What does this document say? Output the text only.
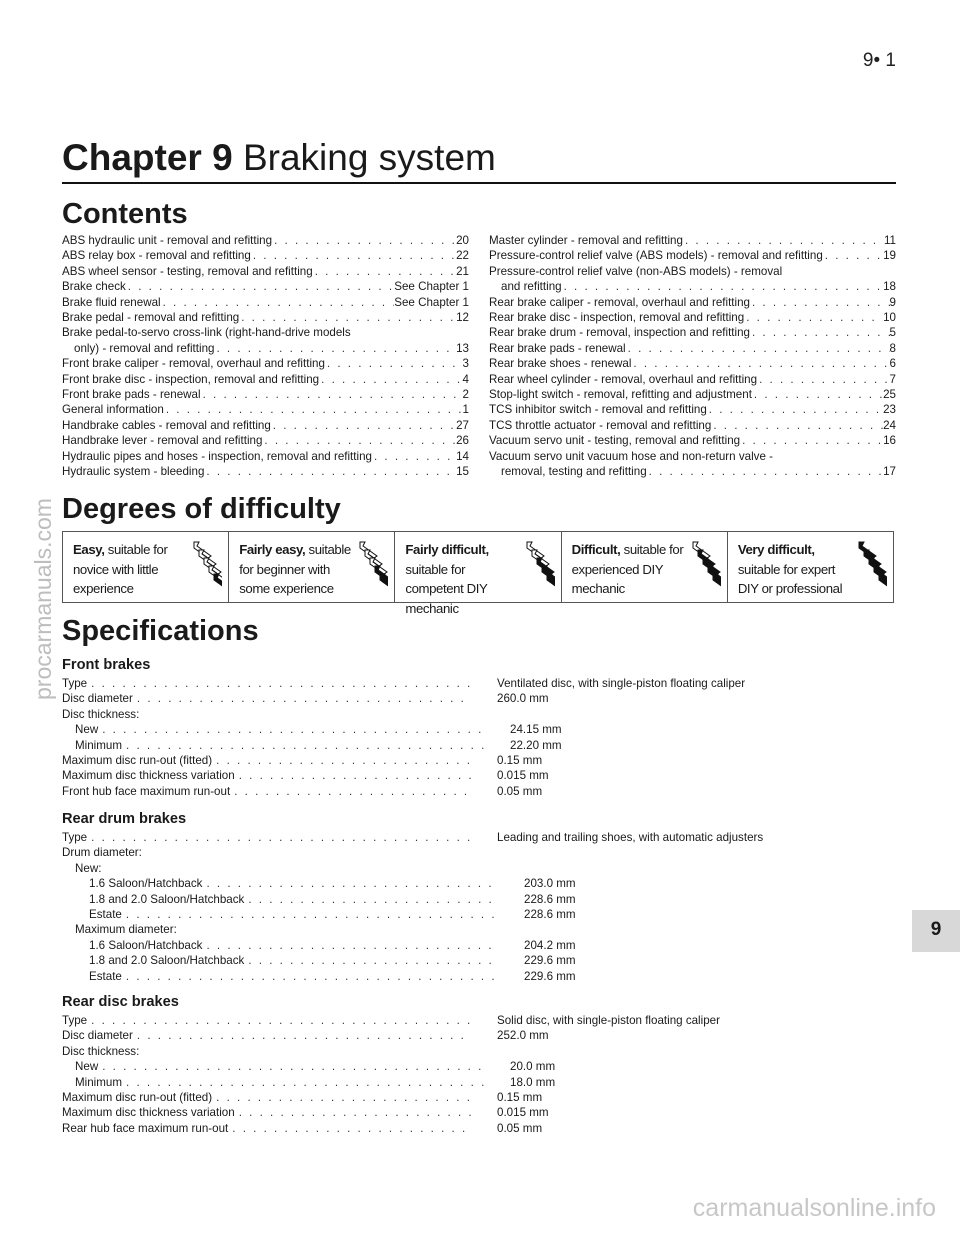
9• 1
Chapter 9 Braking system
Contents
ABS hydraulic unit - removal and refitting . . .	20
ABS relay box - removal and refitting . . .	22
ABS wheel sensor - testing, removal and refitting . . .	21
Brake check . . .	See Chapter 1
Brake fluid renewal . . .	See Chapter 1
Brake pedal - removal and refitting . . .	12
Brake pedal-to-servo cross-link (right-hand-drive models
only) - removal and refitting . . .	13
Front brake caliper - removal, overhaul and refitting . . .	3
Front brake disc - inspection, removal and refitting . . .	4
Front brake pads - renewal . . .	2
General information . . .	1
Handbrake cables - removal and refitting . . .	27
Handbrake lever - removal and refitting . . .	26
Hydraulic pipes and hoses - inspection, removal and refitting . . .	14
Hydraulic system - bleeding . . .	15
Master cylinder - removal and refitting . . .	11
Pressure-control relief valve (ABS models) - removal and refitting . . .	19
Pressure-control relief valve (non-ABS models) - removal
and refitting . . .	18
Rear brake caliper - removal, overhaul and refitting . . .	9
Rear brake disc - inspection, removal and refitting . . .	10
Rear brake drum - removal, inspection and refitting . . .	5
Rear brake pads - renewal . . .	8
Rear brake shoes - renewal . . .	6
Rear wheel cylinder - removal, overhaul and refitting . . .	7
Stop-light switch - removal, refitting and adjustment . . .	25
TCS inhibitor switch - removal and refitting . . .	23
TCS throttle actuator - removal and refitting . . .	24
Vacuum servo unit - testing, removal and refitting . . .	16
Vacuum servo unit vacuum hose and non-return valve -
removal, testing and refitting . . .	17
Degrees of difficulty
Easy, suitable for novice with little experience
Fairly easy, suitable for beginner with some experience
Fairly difficult, suitable for competent DIY mechanic
Difficult, suitable for experienced DIY mechanic
Very difficult, suitable for expert DIY or professional
Specifications
Front brakes
Type . . .	Ventilated disc, with single-piston floating caliper
Disc diameter . . .	260.0 mm
Disc thickness:
New . . .	24.15 mm
Minimum . . .	22.20 mm
Maximum disc run-out (fitted) . . .	0.15 mm
Maximum disc thickness variation . . .	0.015 mm
Front hub face maximum run-out . . .	0.05 mm
Rear drum brakes
Type . . .	Leading and trailing shoes, with automatic adjusters
Drum diameter:
New:
1.6 Saloon/Hatchback . . .	203.0 mm
1.8 and 2.0 Saloon/Hatchback . . .	228.6 mm
Estate . . .	228.6 mm
Maximum diameter:
1.6 Saloon/Hatchback . . .	204.2 mm
1.8 and 2.0 Saloon/Hatchback . . .	229.6 mm
Estate . . .	229.6 mm
Rear disc brakes
Type . . .	Solid disc, with single-piston floating caliper
Disc diameter . . .	252.0 mm
Disc thickness:
New . . .	20.0 mm
Minimum . . .	18.0 mm
Maximum disc run-out (fitted) . . .	0.15 mm
Maximum disc thickness variation . . .	0.015 mm
Rear hub face maximum run-out . . .	0.05 mm
9
procarmanuals.com
carmanualsonline.info
